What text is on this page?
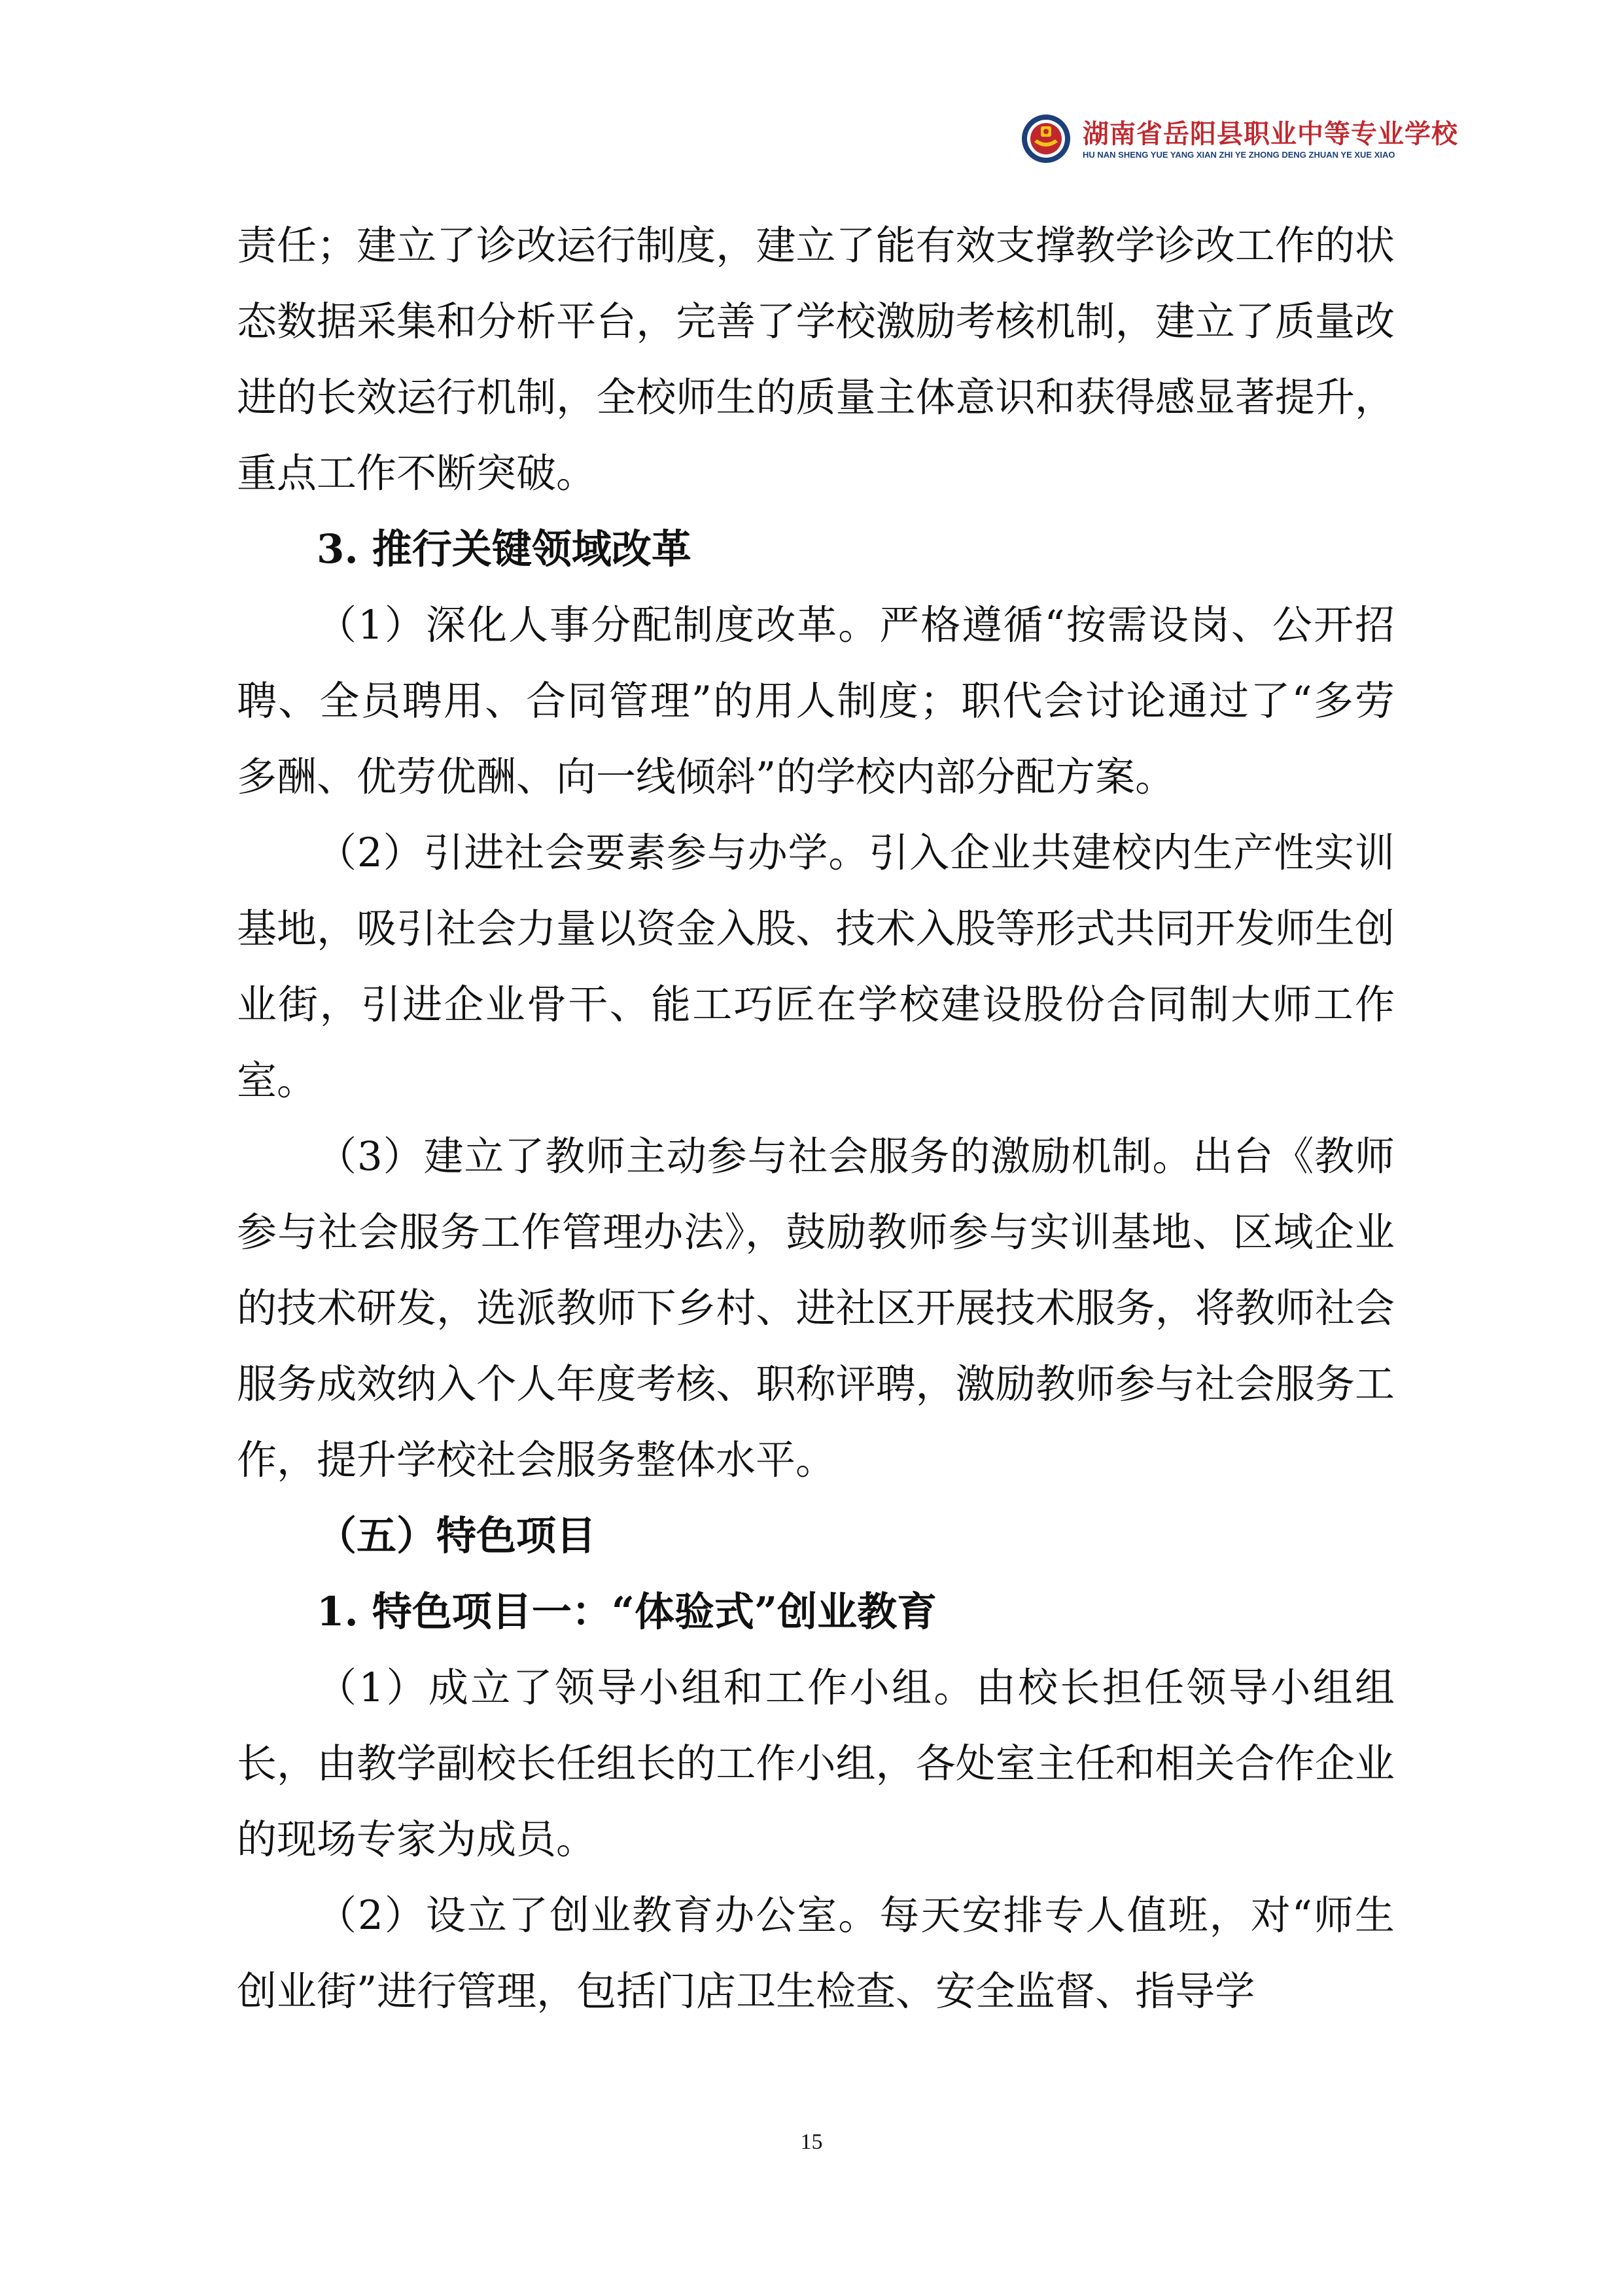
湖南省岳阳县职业中等专业学校
HU NAN SHENG YUE YANG XIAN ZHI YE ZHONG DENG ZHUAN YE XUE XIAO

责任；建立了诊改运行制度，建立了能有效支撑教学诊改工作的状态数据采集和分析平台，完善了学校激励考核机制，建立了质量改进的长效运行机制，全校师生的质量主体意识和获得感显著提升，重点工作不断突破。

3. 推行关键领域改革

（1）深化人事分配制度改革。严格遵循“按需设岗、公开招聘、全员聘用、合同管理”的用人制度；职代会讨论通过了“多劳多酬、优劳优酬、向一线倾斜”的学校内部分配方案。

（2）引进社会要素参与办学。引入企业共建校内生产性实训基地，吸引社会力量以资金入股、技术入股等形式共同开发师生创业街，引进企业骨干、能工巧匠在学校建设股份合同制大师工作室。

（3）建立了教师主动参与社会服务的激励机制。出台《教师参与社会服务工作管理办法》，鼓励教师参与实训基地、区域企业的技术研发，选派教师下乡村、进社区开展技术服务，将教师社会服务成效纳入个人年度考核、职称评聘，激励教师参与社会服务工作，提升学校社会服务整体水平。

（五）特色项目

1. 特色项目一：“体验式”创业教育

（1）成立了领导小组和工作小组。由校长担任领导小组组长，由教学副校长任组长的工作小组，各处室主任和相关合作企业的现场专家为成员。

（2）设立了创业教育办公室。每天安排专人值班，对“师生创业街”进行管理，包括门店卫生检查、安全监督、指导学

15
